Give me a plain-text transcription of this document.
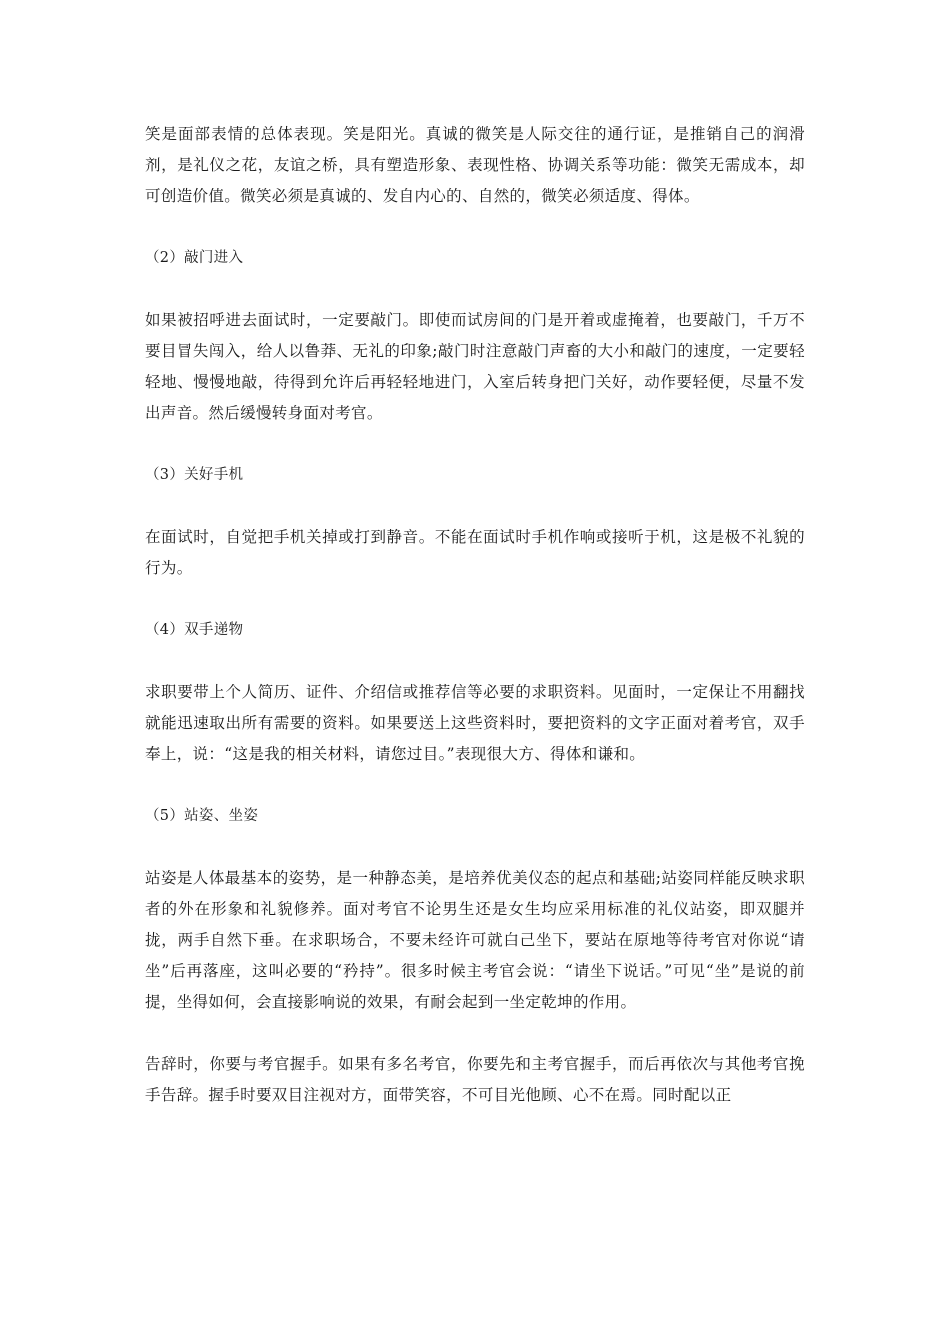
笑是面部表情的总体表现。笑是阳光。真诚的微笑是人际交往的通行证，是推销自己的润滑剂，是礼仪之花，友谊之桥，具有塑造形象、表现性格、协调关系等功能：微笑无需成本，却可创造价值。微笑必须是真诚的、发自内心的、自然的，微笑必须适度、得体。

（2）敲门进入

如果被招呼进去面试时，一定要敲门。即使而试房间的门是开着或虚掩着，也要敲门，千万不要目冒失闯入，给人以鲁莽、无礼的印象;敲门时注意敲门声畜的大小和敲门的速度，一定要轻轻地、慢慢地敲，待得到允许后再轻轻地进门，入室后转身把门关好，动作要轻便，尽量不发出声音。然后缓慢转身面对考官。

（3）关好手机

在面试时，自觉把手机关掉或打到静音。不能在面试时手机作响或接听于机，这是极不礼貌的行为。

（4）双手递物

求职要带上个人简历、证件、介绍信或推荐信等必要的求职资料。见面时，一定保让不用翻找就能迅速取出所有需要的资料。如果要送上这些资料时，要把资料的文字正面对着考官，双手奉上，说：“这是我的相关材料，请您过目。”表现很大方、得体和谦和。

（5）站姿、坐姿

站姿是人体最基本的姿势，是一种静态美，是培养优美仪态的起点和基础;站姿同样能反映求职者的外在形象和礼貌修养。面对考官不论男生还是女生均应采用标准的礼仪站姿，即双腿并拢，两手自然下垂。在求职场合，不要未经许可就白己坐下，要站在原地等待考官对你说“请坐”后再落座，这叫必要的“矜持”。很多时候主考官会说：“请坐下说话。”可见“坐”是说的前提，坐得如何，会直接影响说的效果，有耐会起到一坐定乾坤的作用。

告辞时，你要与考官握手。如果有多名考官，你要先和主考官握手，而后再依次与其他考官挽手告辞。握手时要双目注视对方，面带笑容，不可目光他顾、心不在焉。同时配以正
